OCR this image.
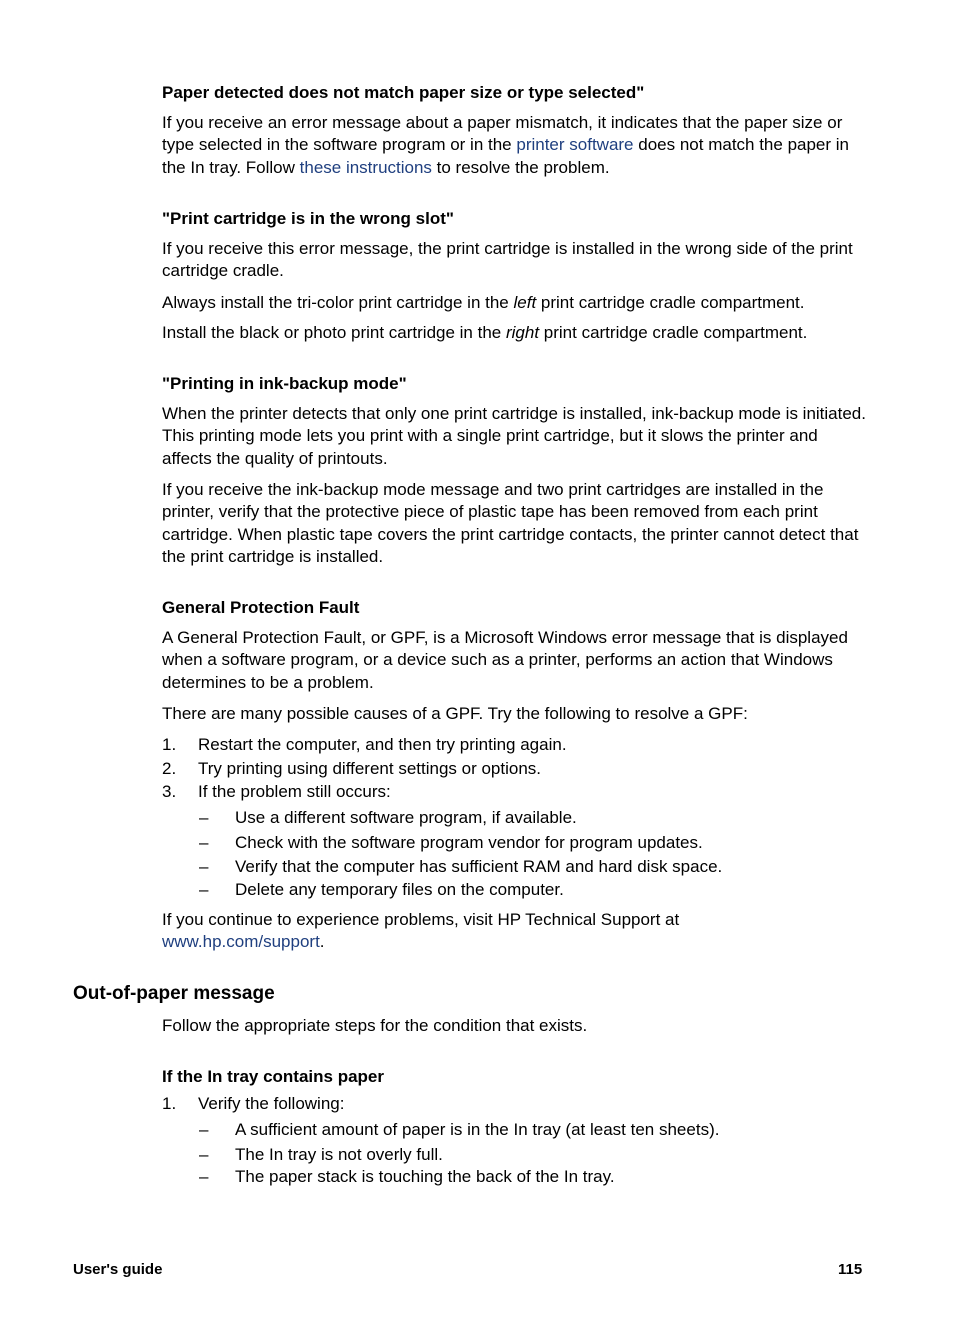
Paper detected does not match paper size or type selected"

If you receive an error message about a paper mismatch, it indicates that the paper size or type selected in the software program or in the printer software does not match the paper in the In tray. Follow these instructions to resolve the problem.

"Print cartridge is in the wrong slot"

If you receive this error message, the print cartridge is installed in the wrong side of the print cartridge cradle.

Always install the tri-color print cartridge in the left print cartridge cradle compartment.

Install the black or photo print cartridge in the right print cartridge cradle compartment.

"Printing in ink-backup mode"

When the printer detects that only one print cartridge is installed, ink-backup mode is initiated. This printing mode lets you print with a single print cartridge, but it slows the printer and affects the quality of printouts.

If you receive the ink-backup mode message and two print cartridges are installed in the printer, verify that the protective piece of plastic tape has been removed from each print cartridge. When plastic tape covers the print cartridge contacts, the printer cannot detect that the print cartridge is installed.

General Protection Fault

A General Protection Fault, or GPF, is a Microsoft Windows error message that is displayed when a software program, or a device such as a printer, performs an action that Windows determines to be a problem.

There are many possible causes of a GPF. Try the following to resolve a GPF:

1. Restart the computer, and then try printing again.
2. Try printing using different settings or options.
3. If the problem still occurs:
– Use a different software program, if available.
– Check with the software program vendor for program updates.
– Verify that the computer has sufficient RAM and hard disk space.
– Delete any temporary files on the computer.

If you continue to experience problems, visit HP Technical Support at www.hp.com/support.

Out-of-paper message

Follow the appropriate steps for the condition that exists.

If the In tray contains paper
1. Verify the following:
– A sufficient amount of paper is in the In tray (at least ten sheets).
– The In tray is not overly full.
– The paper stack is touching the back of the In tray.
User's guide	115
